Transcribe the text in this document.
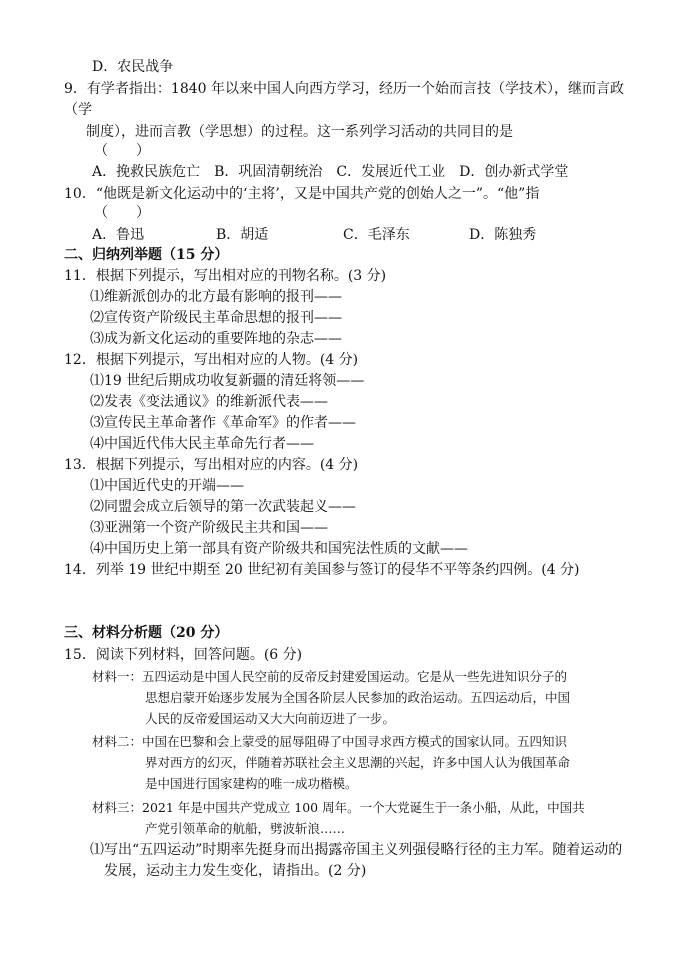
D．农民战争
9．有学者指出：1840 年以来中国人向西方学习，经历一个始而言技（学技术），继而言政
（学
制度），进而言教（学思想）的过程。这一系列学习活动的共同目的是
（　　）
A．挽救民族危亡　B．巩固清朝统治　C．发展近代工业　D．创办新式学堂
10．“他既是新文化运动中的‘主将’，又是中国共产党的创始人之一”。“他”指
（　　）
A．鲁迅	B．胡适	C．毛泽东	D．陈独秀
二、归纳列举题（15 分）
11．根据下列提示，写出相对应的刊物名称。(3 分)
⑴维新派创办的北方最有影响的报刊——
⑵宣传资产阶级民主革命思想的报刊——
⑶成为新文化运动的重要阵地的杂志——
12．根据下列提示，写出相对应的人物。(4 分)
⑴19 世纪后期成功收复新疆的清廷将领——
⑵发表《变法通议》的维新派代表——
⑶宣传民主革命著作《革命军》的作者——
⑷中国近代伟大民主革命先行者——
13．根据下列提示，写出相对应的内容。(4 分)
⑴中国近代史的开端——
⑵同盟会成立后领导的第一次武装起义——
⑶亚洲第一个资产阶级民主共和国——
⑷中国历史上第一部具有资产阶级共和国宪法性质的文献——
14．列举 19 世纪中期至 20 世纪初有美国参与签订的侵华不平等条约四例。(4 分)
三、材料分析题（20 分）
15．阅读下列材料，回答问题。(6 分)
材料一：五四运动是中国人民空前的反帝反封建爱国运动。它是从一些先进知识分子的
思想启蒙开始逐步发展为全国各阶层人民参加的政治运动。五四运动后，中国
人民的反帝爱国运动又大大向前迈进了一步。
材料二：中国在巴黎和会上蒙受的屈辱阻碍了中国寻求西方模式的国家认同。五四知识
界对西方的幻灭，伴随着苏联社会主义思潮的兴起，许多中国人认为俄国革命
是中国进行国家建构的唯一成功楷模。
材料三：2021 年是中国共产党成立 100 周年。一个大党诞生于一条小船，从此，中国共
产党引领革命的航船，劈波斩浪……
⑴写出“五四运动”时期率先挺身而出揭露帝国主义列强侵略行径的主力军。随着运动的
发展，运动主力发生变化，请指出。(2 分)
